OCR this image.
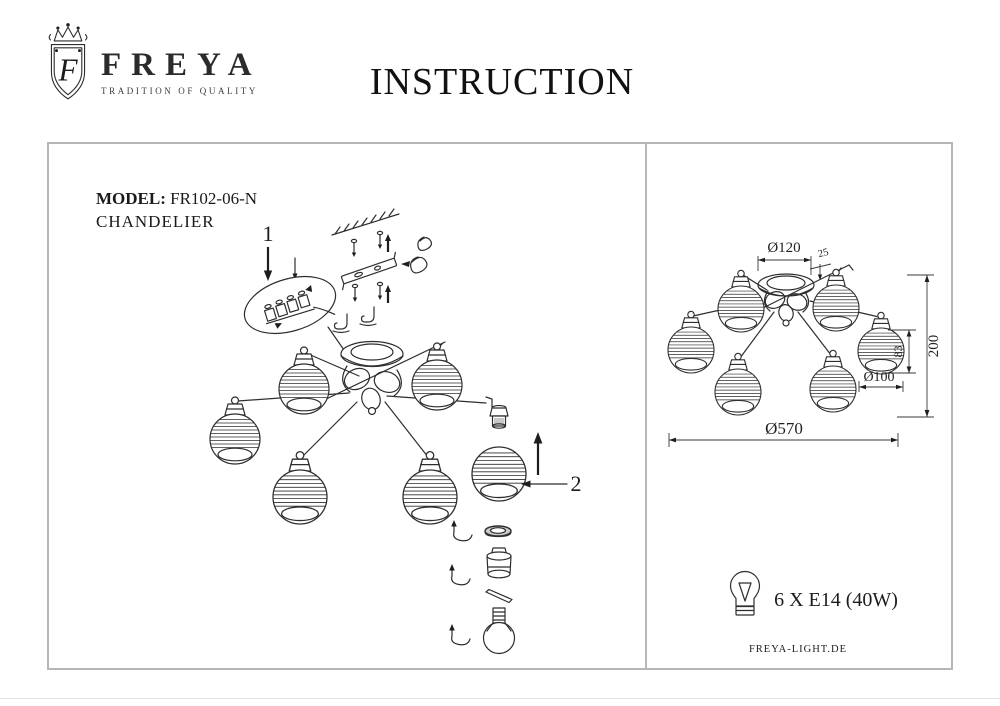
F FREYA
TRADITION OF QUALITY	INSTRUCTION
MODEL: FR102-06-N
CHANDELIER	1
2
Ø120 25
200
83
Ø100
Ø570
6 X E14 (40W)
FREYA-LIGHT.DE
